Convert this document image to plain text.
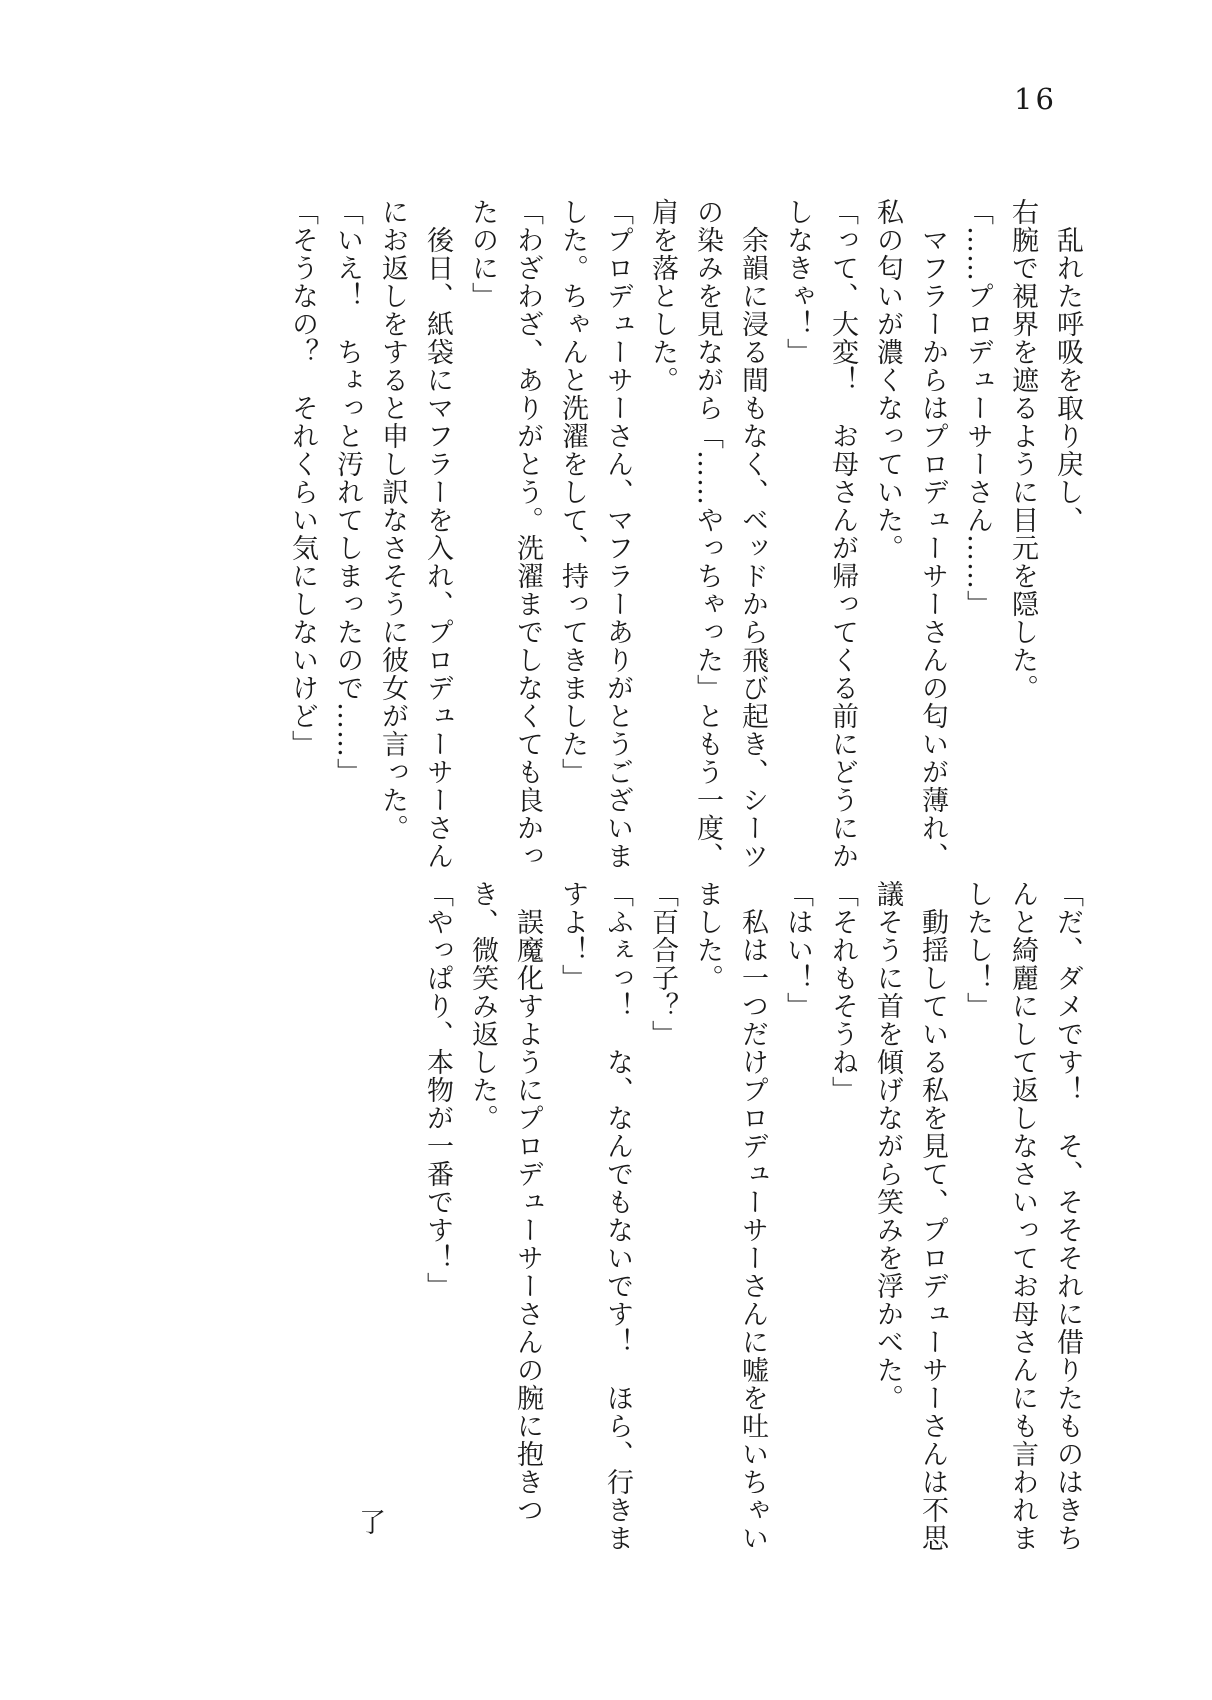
16
　乱れた呼吸を取り戻し、
右腕で視界を遮るように目元を隠した。
「……プロデューサーさん……」
　マフラーからはプロデューサーさんの匂いが薄れ、
私の匂いが濃くなっていた。
「って、大変！　お母さんが帰ってくる前にどうにか
しなきゃ！」
　余韻に浸る間もなく、ベッドから飛び起き、シーツ
の染みを見ながら「……やっちゃった」ともう一度、
肩を落とした。
「プロデューサーさん、マフラーありがとうございま
した。ちゃんと洗濯をして、持ってきました」
「わざわざ、ありがとう。洗濯までしなくても良かっ
たのに」
　後日、紙袋にマフラーを入れ、プロデューサーさん
にお返しをすると申し訳なさそうに彼女が言った。
「いえ！　ちょっと汚れてしまったので……」
「そうなの？　それくらい気にしないけど」
「だ、ダメです！　そ、そそそれに借りたものはきち
んと綺麗にして返しなさいってお母さんにも言われま
したし！」
　動揺している私を見て、プロデューサーさんは不思
議そうに首を傾げながら笑みを浮かべた。
「それもそうね」
「はい！」
　私は一つだけプロデューサーさんに嘘を吐いちゃい
ました。
「百合子？」
「ふぇっ！　な、なんでもないです！　ほら、行きま
すよ！」
　誤魔化すようにプロデューサーさんの腕に抱きつ
き、微笑み返した。
「やっぱり、本物が一番です！」
了
